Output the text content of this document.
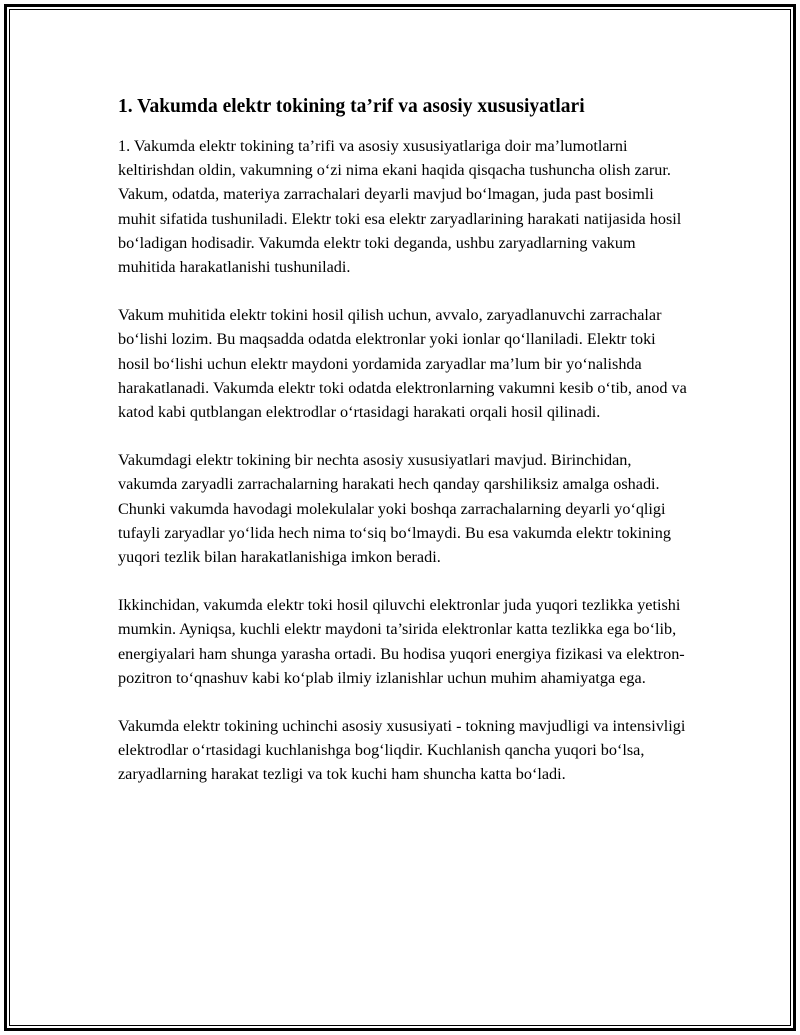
1. Vakumda elektr tokining ta’rif va asosiy xususiyatlari

1. Vakumda elektr tokining ta’rifi va asosiy xususiyatlariga doir ma’lumotlarni keltirishdan oldin, vakumning o‘zi nima ekani haqida qisqacha tushuncha olish zarur. Vakum, odatda, materiya zarrachalari deyarli mavjud bo‘lmagan, juda past bosimli muhit sifatida tushuniladi. Elektr toki esa elektr zaryadlarining harakati natijasida hosil bo‘ladigan hodisadir. Vakumda elektr toki deganda, ushbu zaryadlarning vakum muhitida harakatlanishi tushuniladi.

Vakum muhitida elektr tokini hosil qilish uchun, avvalo, zaryadlanuvchi zarrachalar bo‘lishi lozim. Bu maqsadda odatda elektronlar yoki ionlar qo‘llaniladi. Elektr toki hosil bo‘lishi uchun elektr maydoni yordamida zaryadlar ma’lum bir yo‘nalishda harakatlanadi. Vakumda elektr toki odatda elektronlarning vakumni kesib o‘tib, anod va katod kabi qutblangan elektrodlar o‘rtasidagi harakati orqali hosil qilinadi.

Vakumdagi elektr tokining bir nechta asosiy xususiyatlari mavjud. Birinchidan, vakumda zaryadli zarrachalarning harakati hech qanday qarshiliksiz amalga oshadi. Chunki vakumda havodagi molekulalar yoki boshqa zarrachalarning deyarli yo‘qligi tufayli zaryadlar yo‘lida hech nima to‘siq bo‘lmaydi. Bu esa vakumda elektr tokining yuqori tezlik bilan harakatlanishiga imkon beradi.

Ikkinchidan, vakumda elektr toki hosil qiluvchi elektronlar juda yuqori tezlikka yetishi mumkin. Ayniqsa, kuchli elektr maydoni ta’sirida elektronlar katta tezlikka ega bo‘lib, energiyalari ham shunga yarasha ortadi. Bu hodisa yuqori energiya fizikasi va elektron-pozitron to‘qnashuv kabi ko‘plab ilmiy izlanishlar uchun muhim ahamiyatga ega.

Vakumda elektr tokining uchinchi asosiy xususiyati - tokning mavjudligi va intensivligi elektrodlar o‘rtasidagi kuchlanishga bog‘liqdir. Kuchlanish qancha yuqori bo‘lsa, zaryadlarning harakat tezligi va tok kuchi ham shuncha katta bo‘ladi.
